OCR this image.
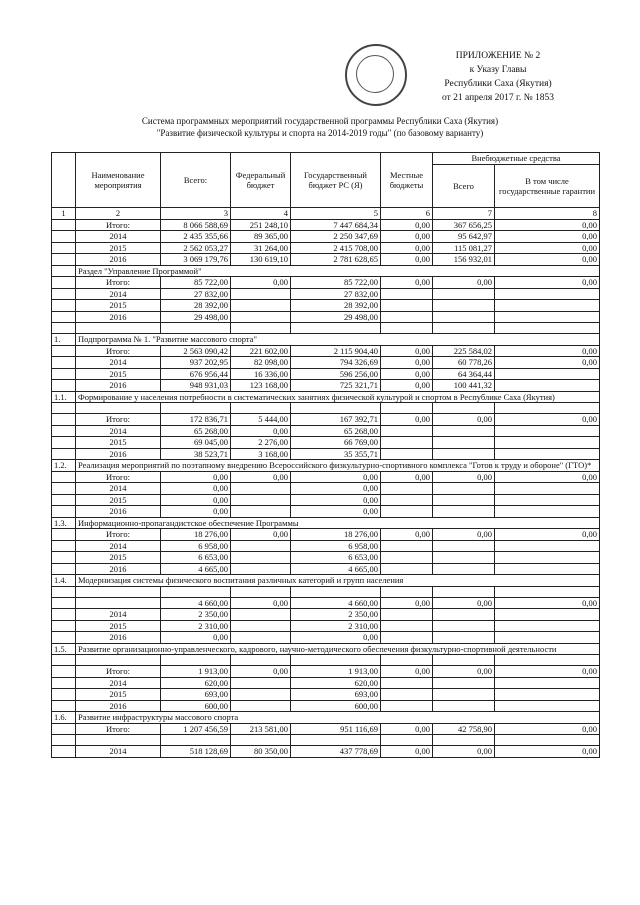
ПРИЛОЖЕНИЕ № 2
к Указу Главы
Республики Саха (Якутия)
от 21 апреля 2017 г. № 1853
Система программных мероприятий государственной программы Республики Саха (Якутия)
"Развитие физической культуры и спорта на 2014-2019 годы" (по базовому варианту)
	Наименование мероприятия	Всего:	Федеральный бюджет	Государственный бюджет РС (Я)	Местные бюджеты	Внебюджетные средства	
						Всего	В том числе государственные гарантии
1	2	3	4	5	6	7	8
	Итого:	8 066 588,69	251 248,10	7 447 684,34	0,00	367 656,25	0,00
	2014	2 435 355,66	89 365,00	2 250 347,69	0,00	95 642,97	0,00
	2015	2 562 053,27	31 264,00	2 415 708,00	0,00	115 081,27	0,00
	2016	3 069 179,76	130 619,10	2 781 628,65	0,00	156 932,01	0,00
	Раздел "Управление Программой"						
	Итого:	85 722,00	0,00	85 722,00	0,00	0,00	0,00
	2014	27 832,00		27 832,00			
	2015	28 392,00		28 392,00			
	2016	29 498,00		29 498,00			

1.	Подпрограмма № 1. "Развитие массового спорта"						
	Итого:	2 563 090,42	221 602,00	2 115 904,40	0,00	225 584,02	0,00
	2014	937 202,95	82 098,00	794 326,69	0,00	60 778,26	0,00
	2015	676 956,44	16 336,00	596 256,00	0,00	64 364,44	
	2016	948 931,03	123 168,00	725 321,71	0,00	100 441,32	
1.1.	Формирование у населения потребности в систематических занятиях физической культурой и спортом в Республике Саха (Якутия)						

	Итого:	172 836,71	5 444,00	167 392,71	0,00	0,00	0,00
	2014	65 268,00	0,00	65 268,00			
	2015	69 045,00	2 276,00	66 769,00			
	2016	38 523,71	3 168,00	35 355,71			
1.2.	Реализация мероприятий по поэтапному внедрению Всероссийского физкультурно-спортивного комплекса "Готов к труду и обороне" (ГТО)*						
	Итого:	0,00	0,00	0,00	0,00	0,00	0,00
	2014	0,00		0,00			
	2015	0,00		0,00			
	2016	0,00		0,00			
1.3.	Информационно-пропагандистское обеспечение Программы						
	Итого:	18 276,00	0,00	18 276,00	0,00	0,00	0,00
	2014	6 958,00		6 958,00			
	2015	6 653,00		6 653,00			
	2016	4 665,00		4 665,00			
1.4.	Модернизация системы физического воспитания различных категорий и групп населения						

		4 660,00	0,00	4 660,00	0,00	0,00	0,00
	2014	2 350,00		2 350,00			
	2015	2 310,00		2 310,00			
	2016	0,00		0,00			
1.5.	Развитие организационно-управленческого, кадрового, научно-методического обеспечения физкультурно-спортивной деятельности						

	Итого:	1 913,00	0,00	1 913,00	0,00	0,00	0,00
	2014	620,00		620,00			
	2015	693,00		693,00			
	2016	600,00		600,00			
1.6.	Развитие инфраструктуры массового спорта						
	Итого:	1 207 456,59	213 581,00	951 116,69	0,00	42 758,90	0,00

	2014	518 128,69	80 350,00	437 778,69	0,00	0,00	0,00
